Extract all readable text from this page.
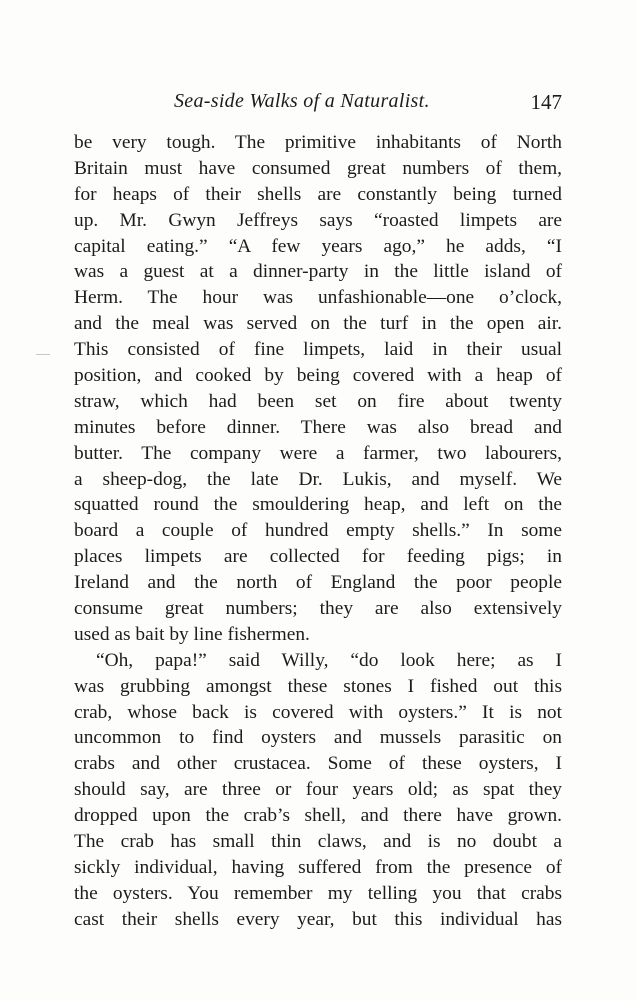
Sea-side Walks of a Naturalist.	147
be very tough. The primitive inhabitants of North
Britain must have consumed great numbers of them,
for heaps of their shells are constantly being turned
up. Mr. Gwyn Jeffreys says “roasted limpets are
capital eating.” “A few years ago,” he adds, “I
was a guest at a dinner-party in the little island of
Herm. The hour was unfashionable—one o’clock,
and the meal was served on the turf in the open air.
This consisted of fine limpets, laid in their usual
position, and cooked by being covered with a heap of
straw, which had been set on fire about twenty
minutes before dinner. There was also bread and
butter. The company were a farmer, two labourers,
a sheep-dog, the late Dr. Lukis, and myself. We
squatted round the smouldering heap, and left on the
board a couple of hundred empty shells.” In some
places limpets are collected for feeding pigs; in
Ireland and the north of England the poor people
consume great numbers; they are also extensively
used as bait by line fishermen.
“Oh, papa!” said Willy, “do look here; as I
was grubbing amongst these stones I fished out this
crab, whose back is covered with oysters.” It is not
uncommon to find oysters and mussels parasitic on
crabs and other crustacea. Some of these oysters, I
should say, are three or four years old; as spat they
dropped upon the crab’s shell, and there have grown.
The crab has small thin claws, and is no doubt a
sickly individual, having suffered from the presence of
the oysters. You remember my telling you that crabs
cast their shells every year, but this individual has
